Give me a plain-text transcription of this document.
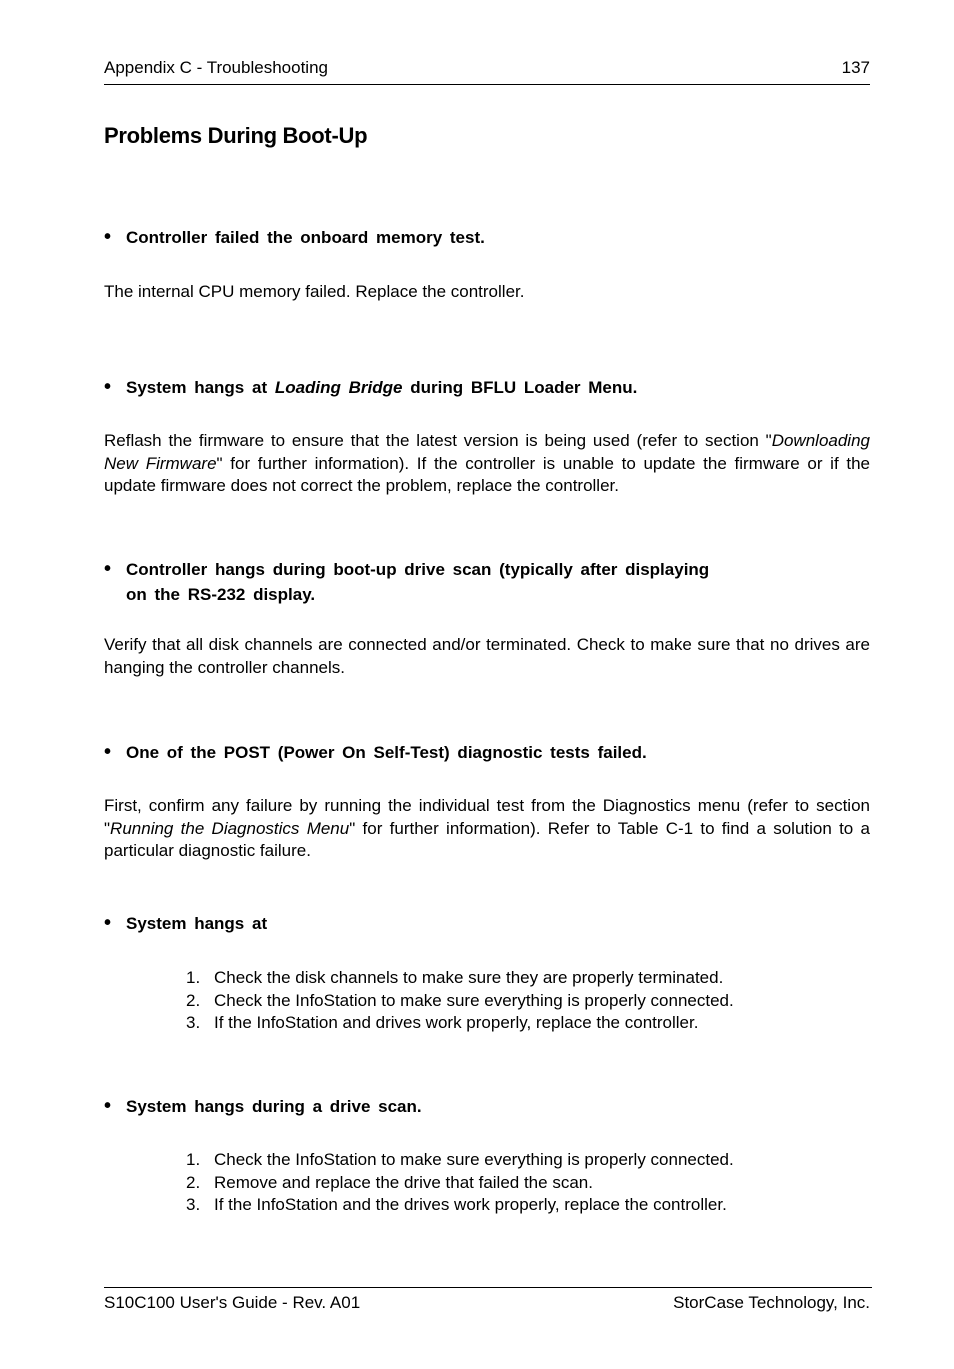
Appendix C - Troubleshooting	137
Problems During Boot-Up
• Controller failed the onboard memory test.
The internal CPU memory failed. Replace the controller.
• System hangs at Loading Bridge during BFLU Loader Menu.
Reflash the firmware to ensure that the latest version is being used (refer to section "Downloading New Firmware" for further information). If the controller is unable to update the firmware or if the update firmware does not correct the problem, replace the controller.
• Controller hangs during boot-up drive scan (typically after displaying
on the RS-232 display.
Verify that all disk channels are connected and/or terminated. Check to make sure that no drives are hanging the controller channels.
• One of the POST (Power On Self-Test) diagnostic tests failed.
First, confirm any failure by running the individual test from the Diagnostics menu (refer to section "Running the Diagnostics Menu" for further information). Refer to Table C-1 to find a solution to a particular diagnostic failure.
• System hangs at
1. Check the disk channels to make sure they are properly terminated.
2. Check the InfoStation to make sure everything is properly connected.
3. If the InfoStation and drives work properly, replace the controller.
• System hangs during a drive scan.
1. Check the InfoStation to make sure everything is properly connected.
2. Remove and replace the drive that failed the scan.
3. If the InfoStation and the drives work properly, replace the controller.
S10C100 User's Guide - Rev. A01	StorCase Technology, Inc.
